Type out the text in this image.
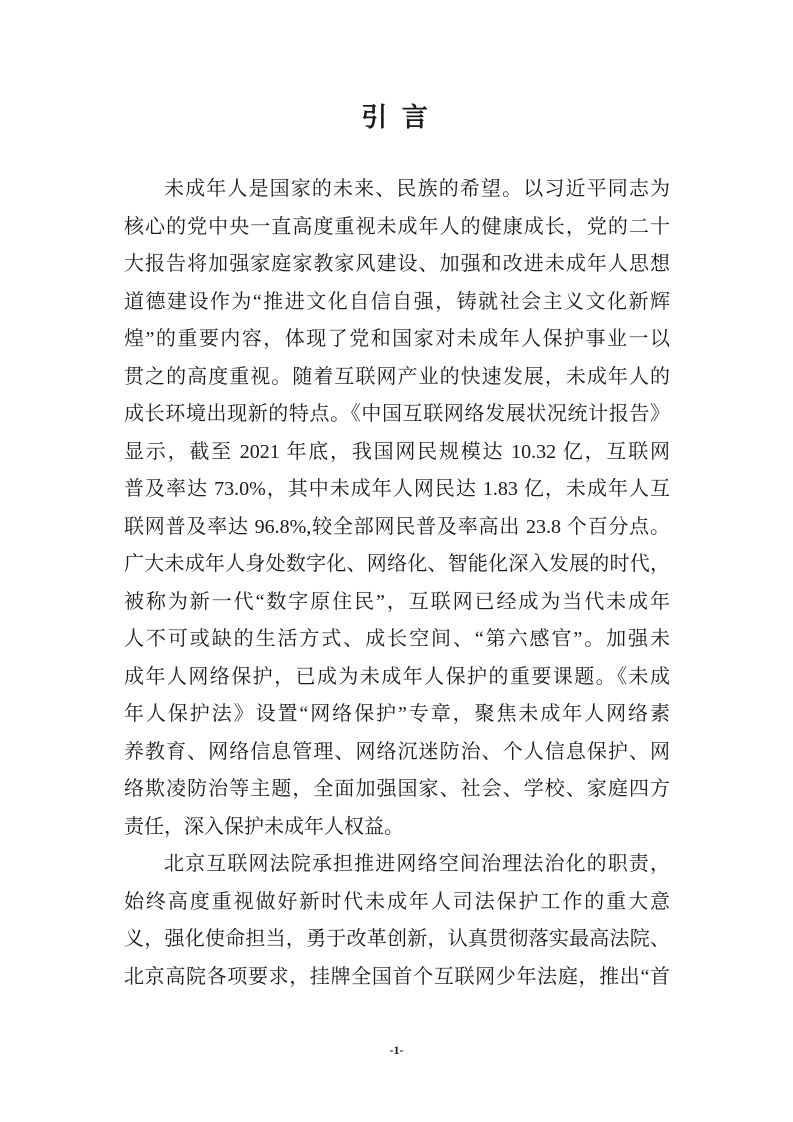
引 言
未成年人是国家的未来、民族的希望。以习近平同志为
核心的党中央一直高度重视未成年人的健康成长，党的二十
大报告将加强家庭家教家风建设、加强和改进未成年人思想
道德建设作为“推进文化自信自强，铸就社会主义文化新辉
煌”的重要内容，体现了党和国家对未成年人保护事业一以
贯之的高度重视。随着互联网产业的快速发展，未成年人的
成长环境出现新的特点。《中国互联网络发展状况统计报告》
显示，截至 2021 年底，我国网民规模达 10.32 亿，互联网
普及率达 73.0%，其中未成年人网民达 1.83 亿，未成年人互
联网普及率达 96.8%,较全部网民普及率高出 23.8 个百分点。
广大未成年人身处数字化、网络化、智能化深入发展的时代，
被称为新一代“数字原住民”，互联网已经成为当代未成年
人不可或缺的生活方式、成长空间、“第六感官”。加强未
成年人网络保护，已成为未成年人保护的重要课题。《未成
年人保护法》设置“网络保护”专章，聚焦未成年人网络素
养教育、网络信息管理、网络沉迷防治、个人信息保护、网
络欺凌防治等主题，全面加强国家、社会、学校、家庭四方
责任，深入保护未成年人权益。
北京互联网法院承担推进网络空间治理法治化的职责，
始终高度重视做好新时代未成年人司法保护工作的重大意
义，强化使命担当，勇于改革创新，认真贯彻落实最高法院、
北京高院各项要求，挂牌全国首个互联网少年法庭，推出“首
-1-
